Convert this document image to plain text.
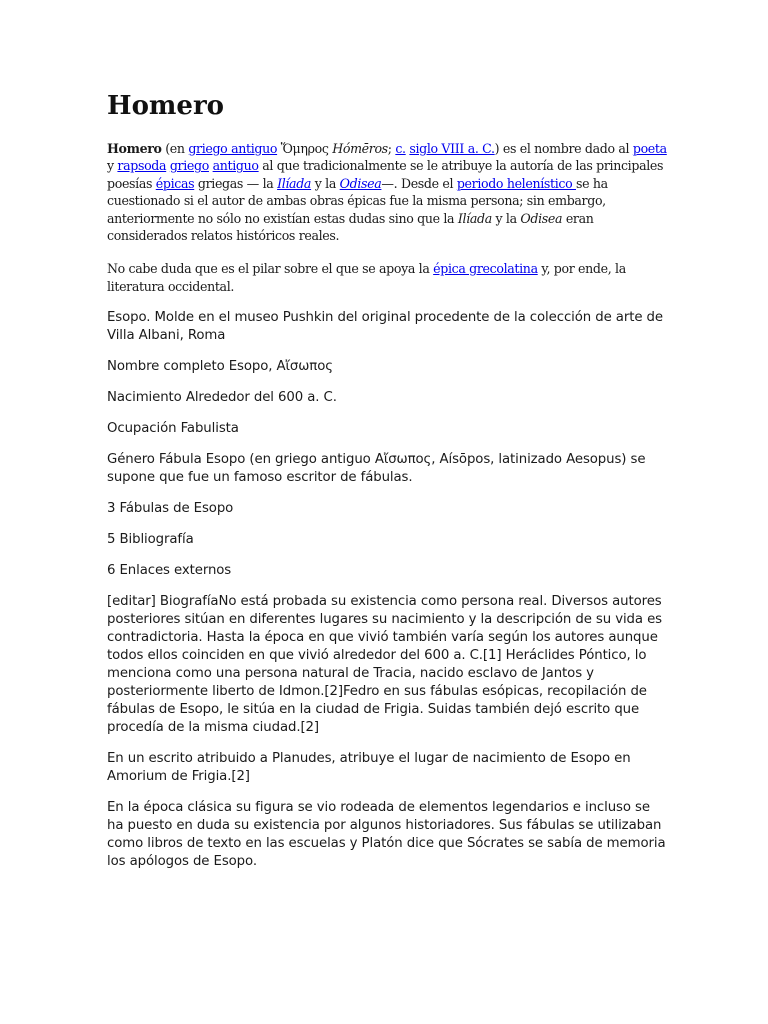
Homero

Homero (en griego antiguo Ὅμηρος Hómēros; c. siglo VIII a. C.) es el nombre dado al poeta y rapsoda griego antiguo al que tradicionalmente se le atribuye la autoría de las principales poesías épicas griegas — la Ilíada y la Odisea—. Desde el periodo helenístico se ha cuestionado si el autor de ambas obras épicas fue la misma persona; sin embargo, anteriormente no sólo no existían estas dudas sino que la Ilíada y la Odisea eran considerados relatos históricos reales.

No cabe duda que es el pilar sobre el que se apoya la épica grecolatina y, por ende, la literatura occidental.

Esopo. Molde en el museo Pushkin del original procedente de la colección de arte de Villa Albani, Roma

Nombre completo Esopo, Αἴσωπος

Nacimiento Alrededor del 600 a. C.

Ocupación Fabulista

Género Fábula Esopo (en griego antiguo Αἴσωπος, Aísōpos, latinizado Aesopus) se supone que fue un famoso escritor de fábulas.

3 Fábulas de Esopo

5 Bibliografía

6 Enlaces externos

[editar] BiografíaNo está probada su existencia como persona real. Diversos autores posteriores sitúan en diferentes lugares su nacimiento y la descripción de su vida es contradictoria. Hasta la época en que vivió también varía según los autores aunque todos ellos coinciden en que vivió alrededor del 600 a. C.[1] Heráclides Póntico, lo menciona como una persona natural de Tracia, nacido esclavo de Jantos y posteriormente liberto de Idmon.[2]Fedro en sus fábulas esópicas, recopilación de fábulas de Esopo, le sitúa en la ciudad de Frigia. Suidas también dejó escrito que procedía de la misma ciudad.[2]

En un escrito atribuido a Planudes, atribuye el lugar de nacimiento de Esopo en Amorium de Frigia.[2]

En la época clásica su figura se vio rodeada de elementos legendarios e incluso se ha puesto en duda su existencia por algunos historiadores. Sus fábulas se utilizaban como libros de texto en las escuelas y Platón dice que Sócrates se sabía de memoria los apólogos de Esopo.
